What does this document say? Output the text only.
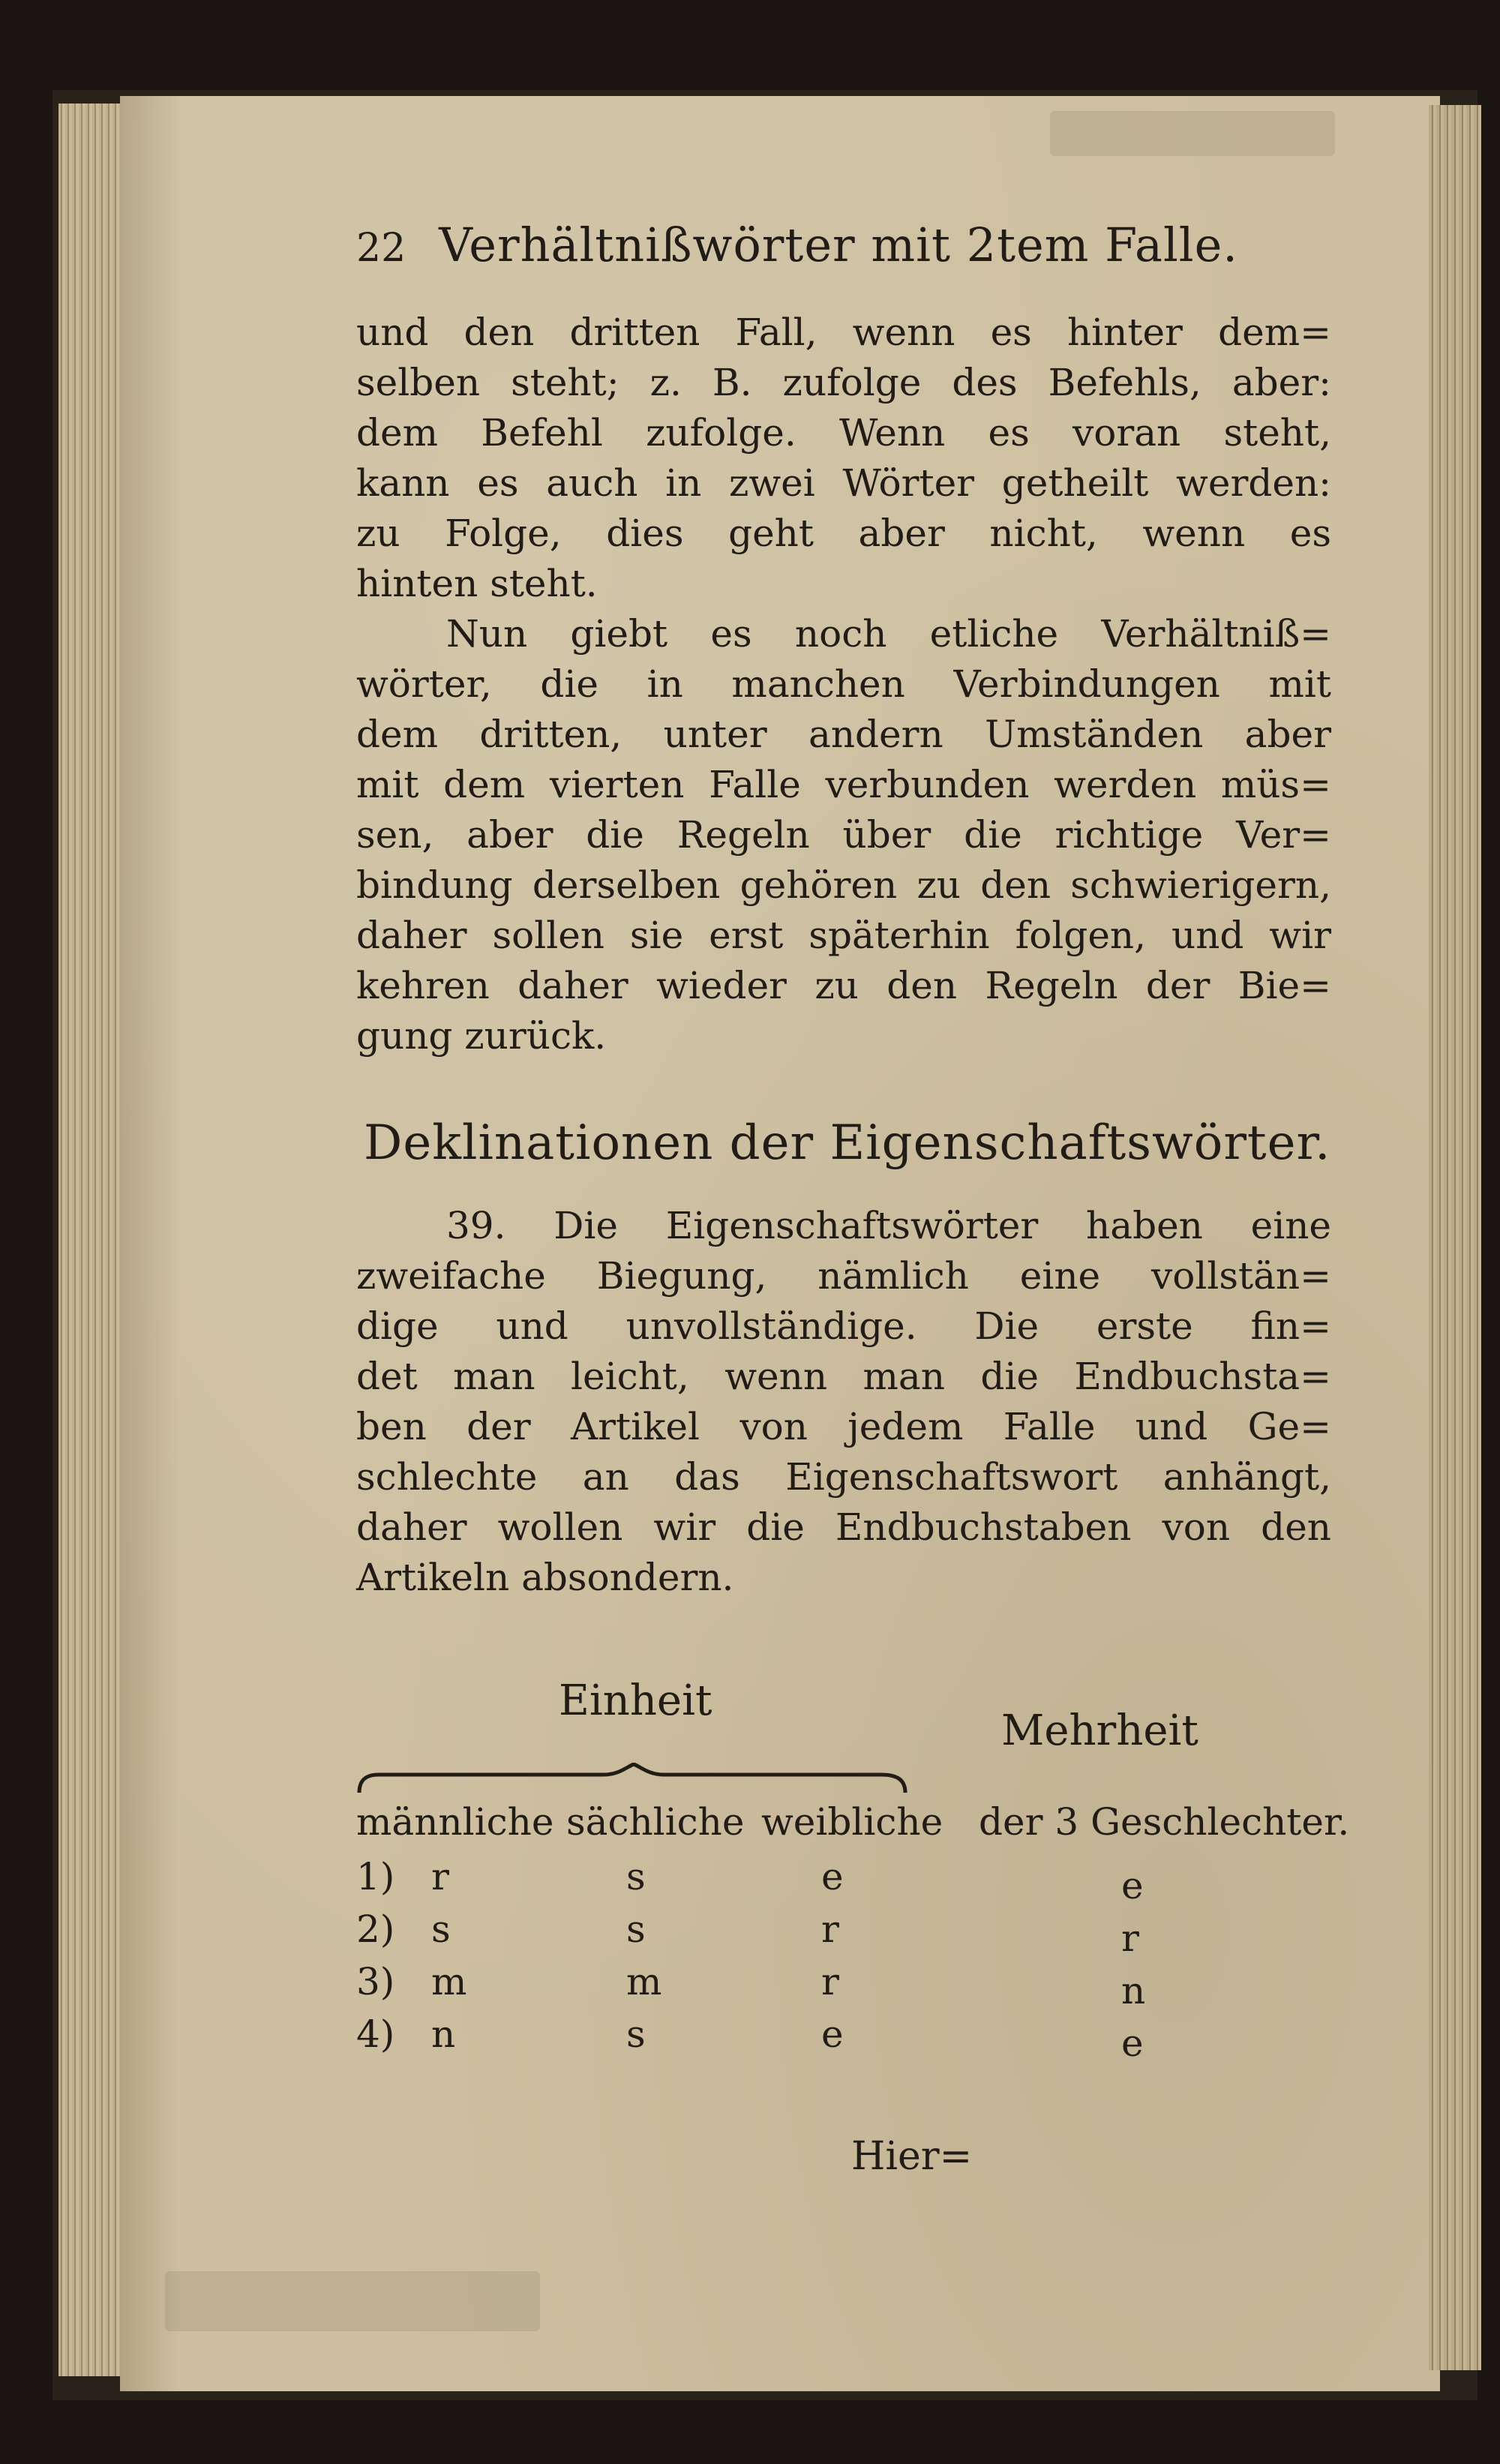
22 Verhältnißwörter mit 2tem Falle.
und den dritten Fall, wenn es hinter dem=
selben steht; z. B. zufolge des Befehls, aber:
dem Befehl zufolge. Wenn es voran steht,
kann es auch in zwei Wörter getheilt werden:
zu Folge, dies geht aber nicht, wenn es
hinten steht.
Nun giebt es noch etliche Verhältniß=
wörter, die in manchen Verbindungen mit
dem dritten, unter andern Umständen aber
mit dem vierten Falle verbunden werden müs=
sen, aber die Regeln über die richtige Ver=
bindung derselben gehören zu den schwierigern,
daher sollen sie erst späterhin folgen, und wir
kehren daher wieder zu den Regeln der Bie=
gung zurück.
Deklinationen der Eigenschaftswörter.
39. Die Eigenschaftswörter haben eine
zweifache Biegung, nämlich eine vollstän=
dige und unvollständige. Die erste fin=
det man leicht, wenn man die Endbuchsta=
ben der Artikel von jedem Falle und Ge=
schlechte an das Eigenschaftswort anhängt,
daher wollen wir die Endbuchstaben von den
Artikeln absondern.
Einheit
Mehrheit
männliche sächliche weibliche der 3 Geschlechter.
1) r	s	e	e
2) s	s	r	r
3) m	m	r	n
4) n	s	e	e
Hier=
